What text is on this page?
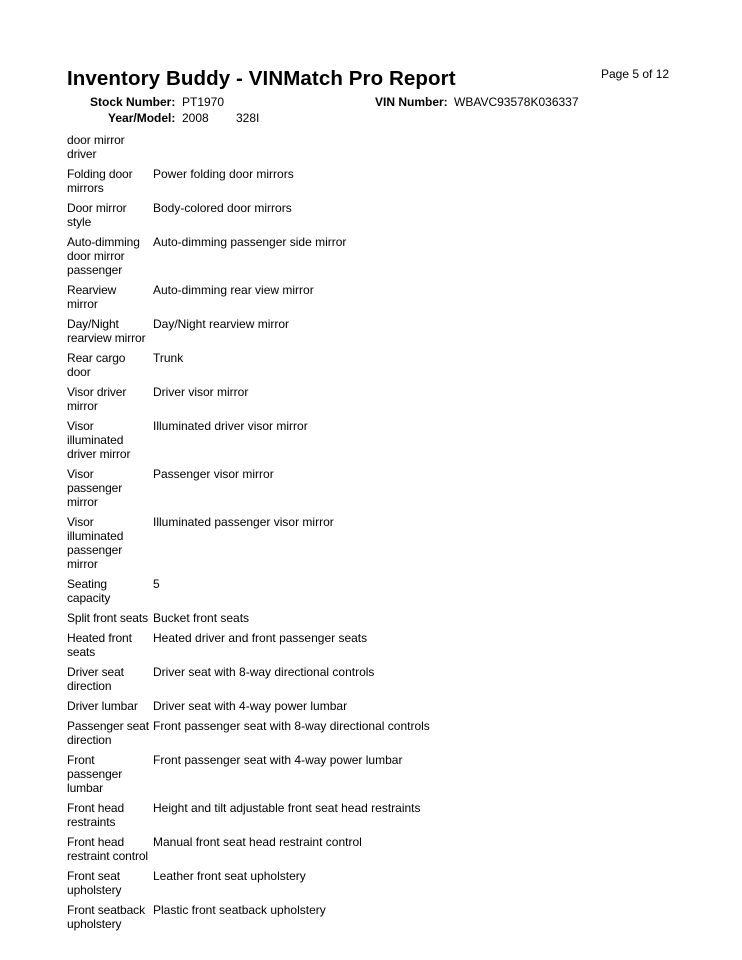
Page 5 of 12
Inventory Buddy - VINMatch Pro Report
Stock Number: PT1970	VIN Number: WBAVC93578K036337
Year/Model: 2008 328I
door mirror
driver
Folding door
mirrors
Power folding door mirrors
Door mirror
style
Body-colored door mirrors
Auto-dimming
door mirror
passenger
Auto-dimming passenger side mirror
Rearview
mirror
Auto-dimming rear view mirror
Day/Night
rearview mirror
Day/Night rearview mirror
Rear cargo
door
Trunk
Visor driver
mirror
Driver visor mirror
Visor
illuminated
driver mirror
Illuminated driver visor mirror
Visor
passenger
mirror
Passenger visor mirror
Visor
illuminated
passenger
mirror
Illuminated passenger visor mirror
Seating
capacity
5
Split front seats Bucket front seats
Heated front
seats
Heated driver and front passenger seats
Driver seat
direction
Driver seat with 8-way directional controls
Driver lumbar	Driver seat with 4-way power lumbar
Passenger seat
direction
Front passenger seat with 8-way directional controls
Front
passenger
lumbar
Front passenger seat with 4-way power lumbar
Front head
restraints
Height and tilt adjustable front seat head restraints
Front head
restraint control
Manual front seat head restraint control
Front seat
upholstery
Leather front seat upholstery
Front seatback
upholstery
Plastic front seatback upholstery
